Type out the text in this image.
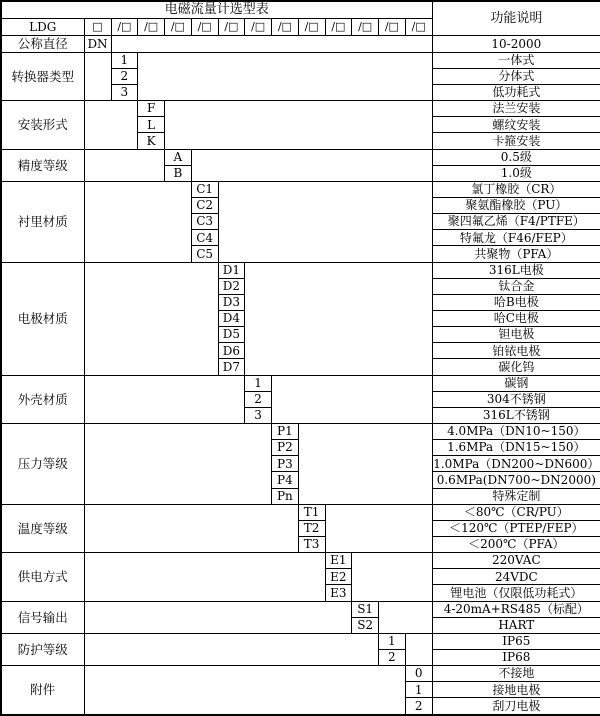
电磁流量计选型表														功能说明
LDG	□	/□	/□	/□	/□	/□	/□	/□	/□	/□	/□	/□	/□	
公称直径	DN													10-2000
转换器类型		1												一体式
		2												分体式
		3												低功耗式
安装形式			F											法兰安装
			L											螺纹安装
			K											卡箍安装
精度等级				A										0.5级
				B										1.0级
衬里材质					C1									氯丁橡胶（CR）
					C2									聚氨酯橡胶（PU）
					C3									聚四氟乙烯（F4/PTFE）
					C4									特氟龙（F46/FEP）
					C5									共聚物（PFA）
电极材质						D1								316L电极
						D2								钛合金
						D3								哈B电极
						D4								哈C电极
						D5								钽电极
						D6								铂铱电极
						D7								碳化钨
外壳材质							1							碳钢
							2							304不锈钢
							3							316L不锈钢
压力等级								P1						4.0MPa（DN10~150）
								P2						1.6MPa（DN15~150）
								P3						1.0MPa（DN200~DN600）
								P4						0.6MPa(DN700~DN2000)
								Pn						特殊定制
温度等级									T1					＜80℃（CR/PU）
									T2					＜120℃（PTEP/FEP）
									T3					＜200℃（PFA）
供电方式										E1				220VAC
										E2				24VDC
										E3				锂电池（仅限低功耗式）
信号输出											S1			4-20mA+RS485（标配）
											S2			HART
防护等级												1		IP65
												2		IP68
附件													0	不接地
													1	接地电极
													2	刮刀电极
